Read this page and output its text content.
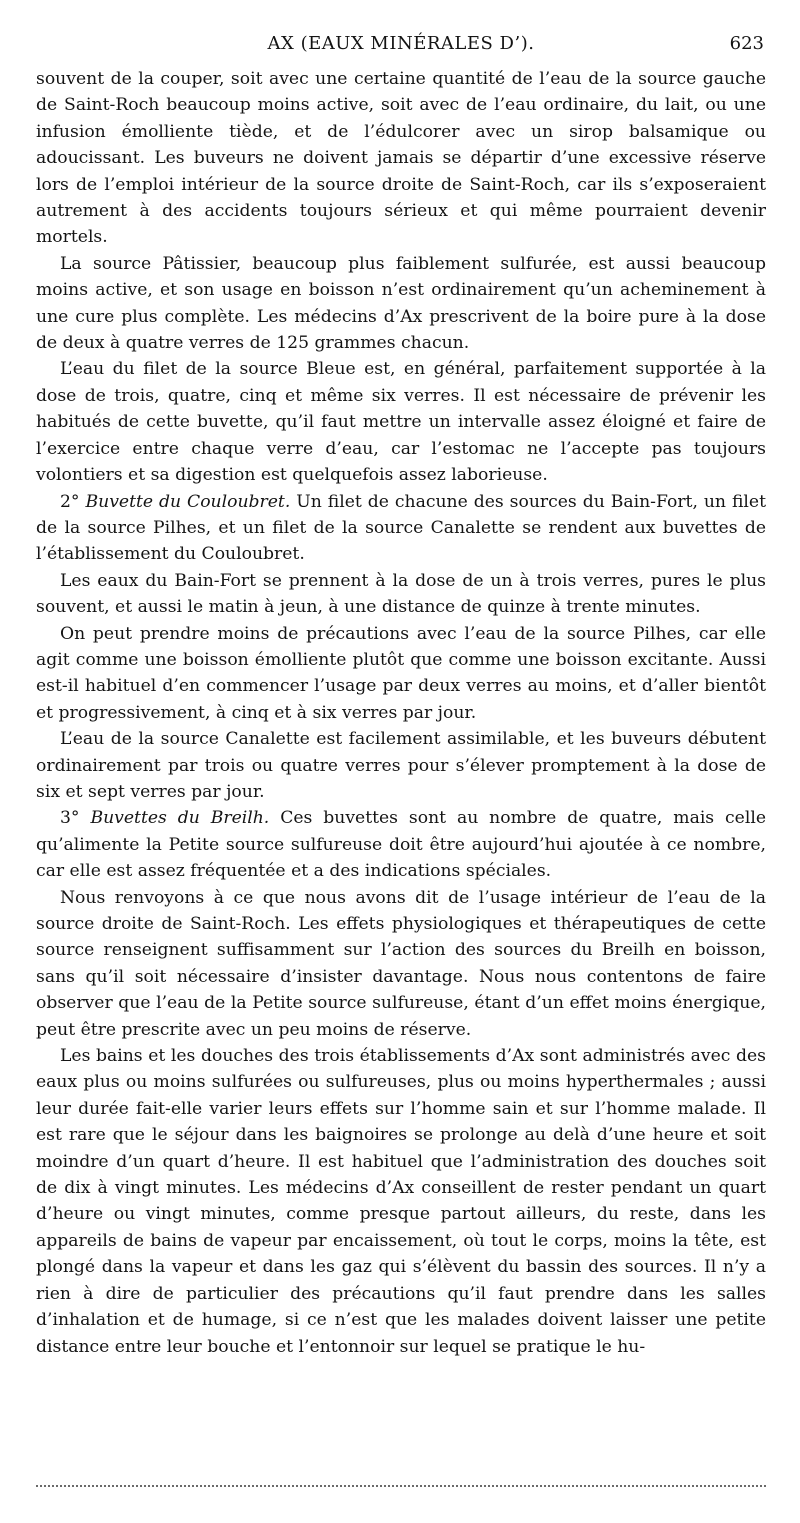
AX (EAUX MINÉRALES D’).	623

souvent de la couper, soit avec une certaine quantité de l’eau de la source gauche de Saint-Roch beaucoup moins active, soit avec de l’eau ordinaire, du lait, ou une infusion émolliente tiède, et de l’édulcorer avec un sirop balsamique ou adoucissant. Les buveurs ne doivent jamais se départir d’une excessive réserve lors de l’emploi intérieur de la source droite de Saint-Roch, car ils s’exposeraient autrement à des accidents toujours sérieux et qui même pourraient devenir mortels.

La source Pâtissier, beaucoup plus faiblement sulfurée, est aussi beaucoup moins active, et son usage en boisson n’est ordinairement qu’un acheminement à une cure plus complète. Les médecins d’Ax prescrivent de la boire pure à la dose de deux à quatre verres de 125 grammes chacun.

L’eau du filet de la source Bleue est, en général, parfaitement supportée à la dose de trois, quatre, cinq et même six verres. Il est nécessaire de prévenir les habitués de cette buvette, qu’il faut mettre un intervalle assez éloigné et faire de l’exercice entre chaque verre d’eau, car l’estomac ne l’accepte pas toujours volontiers et sa digestion est quelquefois assez laborieuse.

2° Buvette du Couloubret. Un filet de chacune des sources du Bain-Fort, un filet de la source Pilhes, et un filet de la source Canalette se rendent aux buvettes de l’établissement du Couloubret.

Les eaux du Bain-Fort se prennent à la dose de un à trois verres, pures le plus souvent, et aussi le matin à jeun, à une distance de quinze à trente minutes.

On peut prendre moins de précautions avec l’eau de la source Pilhes, car elle agit comme une boisson émolliente plutôt que comme une boisson excitante. Aussi est-il habituel d’en commencer l’usage par deux verres au moins, et d’aller bientôt et progressivement, à cinq et à six verres par jour.

L’eau de la source Canalette est facilement assimilable, et les buveurs débutent ordinairement par trois ou quatre verres pour s’élever promptement à la dose de six et sept verres par jour.

3° Buvettes du Breilh. Ces buvettes sont au nombre de quatre, mais celle qu’alimente la Petite source sulfureuse doit être aujourd’hui ajoutée à ce nombre, car elle est assez fréquentée et a des indications spéciales.

Nous renvoyons à ce que nous avons dit de l’usage intérieur de l’eau de la source droite de Saint-Roch. Les effets physiologiques et thérapeutiques de cette source renseignent suffisamment sur l’action des sources du Breilh en boisson, sans qu’il soit nécessaire d’insister davantage. Nous nous contentons de faire observer que l’eau de la Petite source sulfureuse, étant d’un effet moins énergique, peut être prescrite avec un peu moins de réserve.

Les bains et les douches des trois établissements d’Ax sont administrés avec des eaux plus ou moins sulfurées ou sulfureuses, plus ou moins hyperthermales ; aussi leur durée fait-elle varier leurs effets sur l’homme sain et sur l’homme malade. Il est rare que le séjour dans les baignoires se prolonge au delà d’une heure et soit moindre d’un quart d’heure. Il est habituel que l’administration des douches soit de dix à vingt minutes. Les médecins d’Ax conseillent de rester pendant un quart d’heure ou vingt minutes, comme presque partout ailleurs, du reste, dans les appareils de bains de vapeur par encaissement, où tout le corps, moins la tête, est plongé dans la vapeur et dans les gaz qui s’élèvent du bassin des sources. Il n’y a rien à dire de particulier des précautions qu’il faut prendre dans les salles d’inhalation et de humage, si ce n’est que les malades doivent laisser une petite distance entre leur bouche et l’entonnoir sur lequel se pratique le hu-
